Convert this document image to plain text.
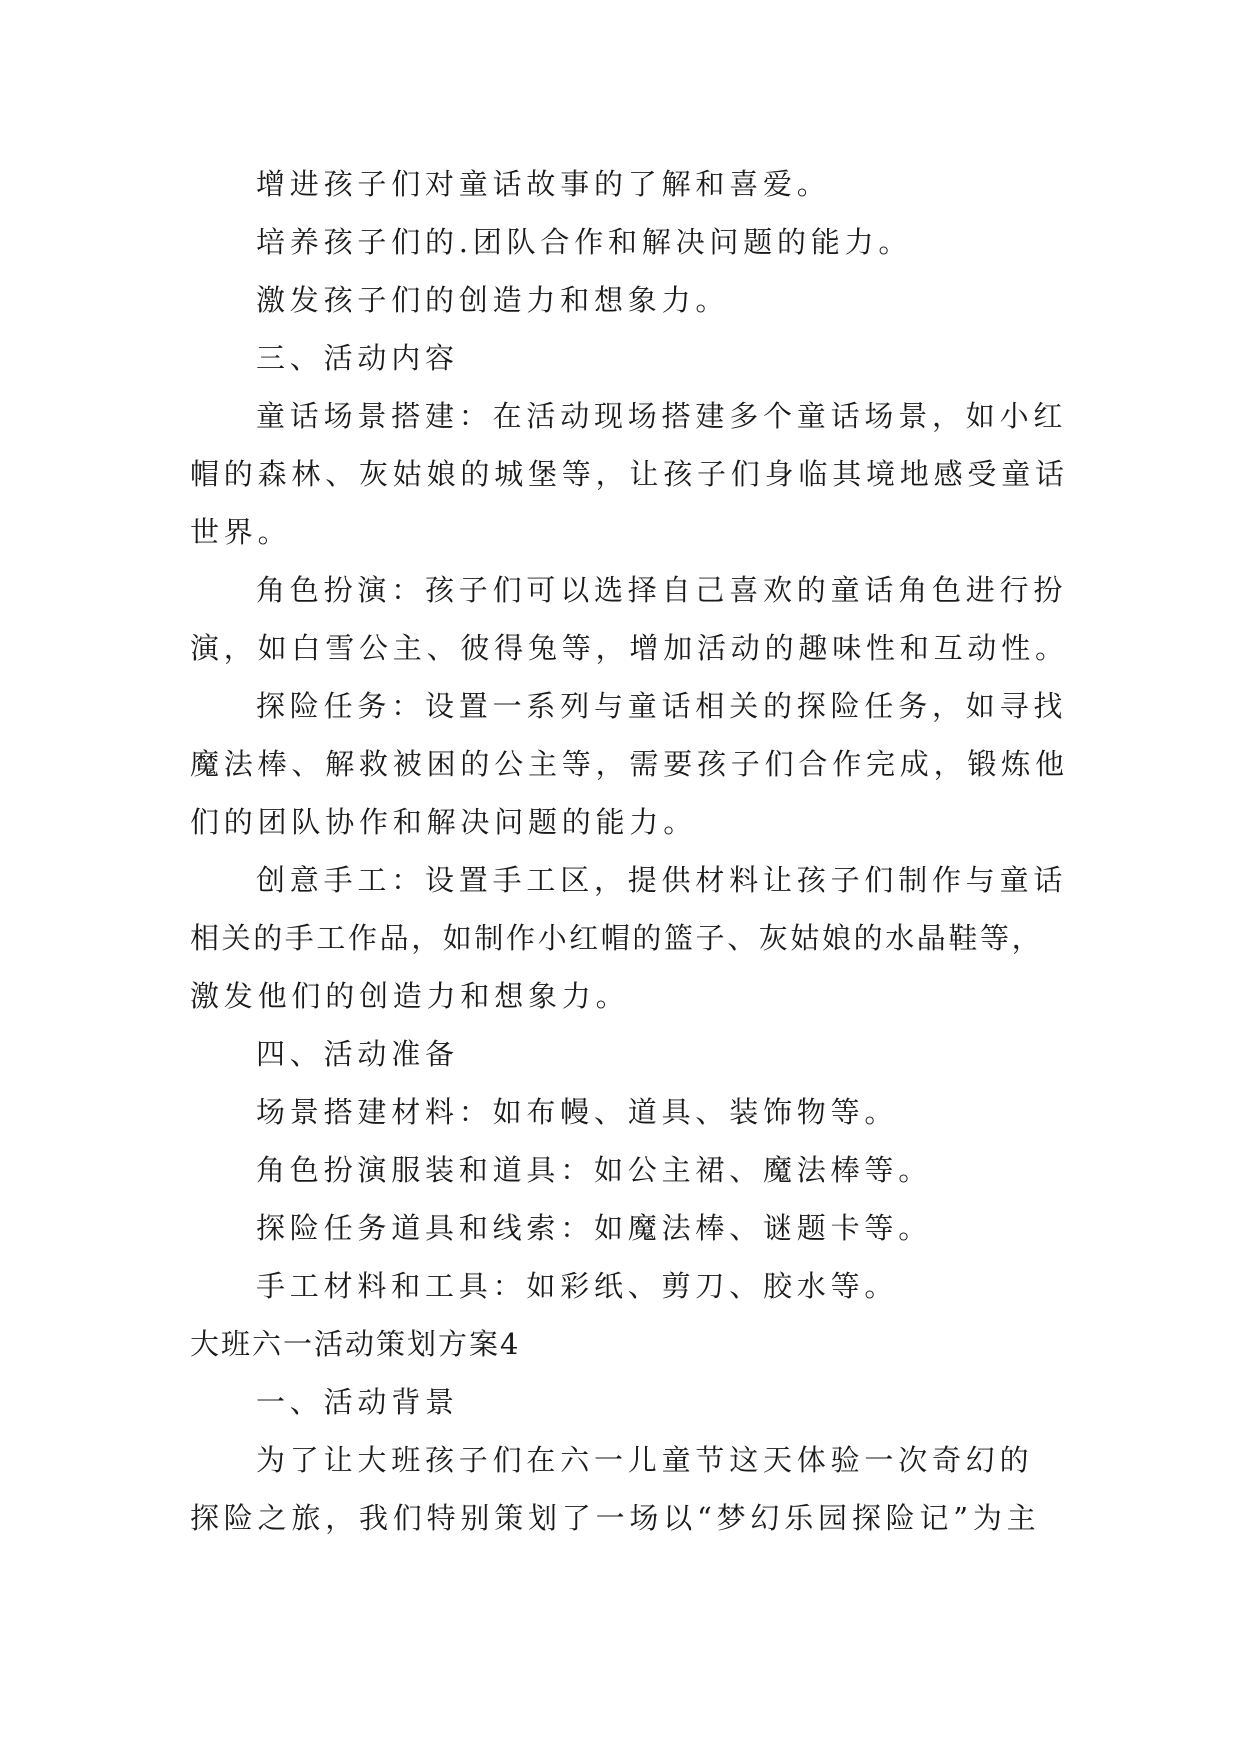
增进孩子们对童话故事的了解和喜爱。
培养孩子们的.团队合作和解决问题的能力。
激发孩子们的创造力和想象力。
三、活动内容
童话场景搭建：在活动现场搭建多个童话场景，如小红
帽的森林、灰姑娘的城堡等，让孩子们身临其境地感受童话
世界。
角色扮演：孩子们可以选择自己喜欢的童话角色进行扮
演，如白雪公主、彼得兔等，增加活动的趣味性和互动性。
探险任务：设置一系列与童话相关的探险任务，如寻找
魔法棒、解救被困的公主等，需要孩子们合作完成，锻炼他
们的团队协作和解决问题的能力。
创意手工：设置手工区，提供材料让孩子们制作与童话
相关的手工作品，如制作小红帽的篮子、灰姑娘的水晶鞋等，
激发他们的创造力和想象力。
四、活动准备
场景搭建材料：如布幔、道具、装饰物等。
角色扮演服装和道具：如公主裙、魔法棒等。
探险任务道具和线索：如魔法棒、谜题卡等。
手工材料和工具：如彩纸、剪刀、胶水等。
大班六一活动策划方案4
一、活动背景
为了让大班孩子们在六一儿童节这天体验一次奇幻的
探险之旅，我们特别策划了一场以“梦幻乐园探险记”为主
